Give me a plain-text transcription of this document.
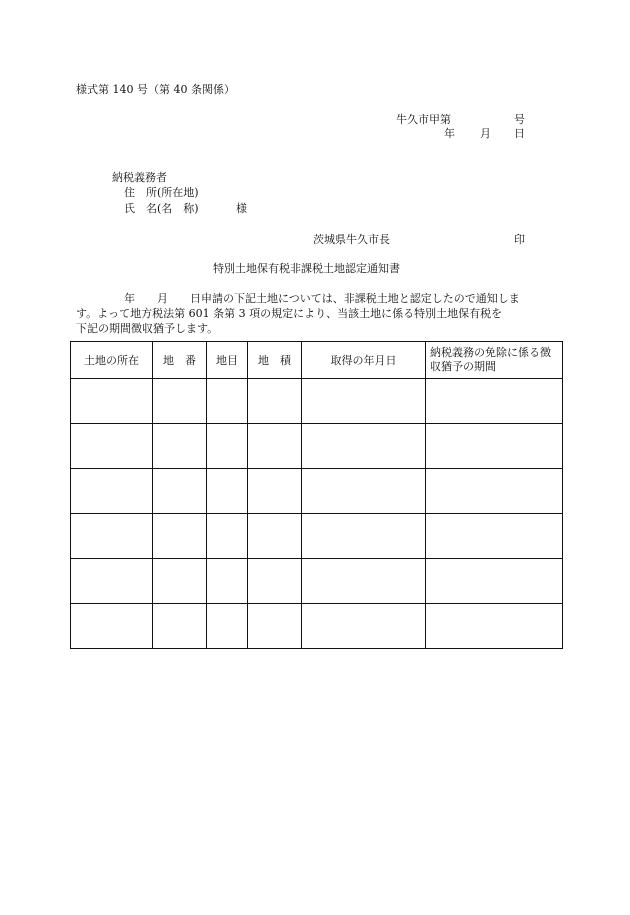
様式第 140 号（第 40 条関係）
牛久市甲第	号
年 月 日
納税義務者
住　所(所在地)
氏　名(名　称)	様
茨城県牛久市長	印
特別土地保有税非課税土地認定通知書
年　　月　　日申請の下記土地については、非課税土地と認定したので通知しま
す。よって地方税法第 601 条第 3 項の規定により、当該土地に係る特別土地保有税を
下記の期間徴収猶予します。
土地の所在	地　番	地目	地　積	取得の年月日	納税義務の免除に係る徴収猶予の期間
